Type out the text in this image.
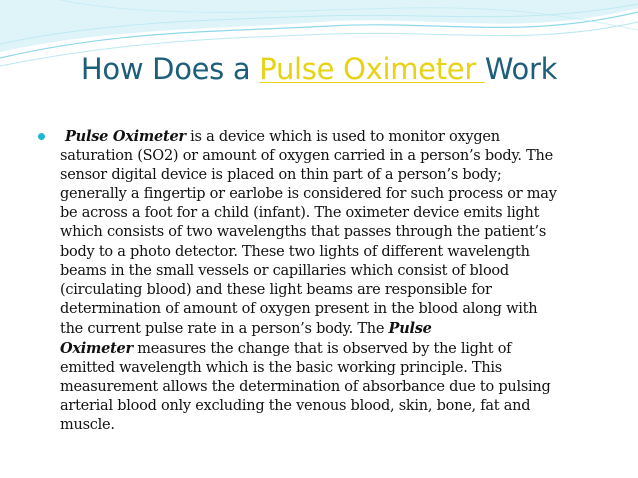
How Does a Pulse Oximeter Work
Pulse Oximeter is a device which is used to monitor oxygen
saturation (SO2) or amount of oxygen carried in a person’s body. The
sensor digital device is placed on thin part of a person’s body;
generally a fingertip or earlobe is considered for such process or may
be across a foot for a child (infant). The oximeter device emits light
which consists of two wavelengths that passes through the patient’s
body to a photo detector. These two lights of different wavelength
beams in the small vessels or capillaries which consist of blood
(circulating blood) and these light beams are responsible for
determination of amount of oxygen present in the blood along with
the current pulse rate in a person’s body. The Pulse
Oximeter measures the change that is observed by the light of
emitted wavelength which is the basic working principle. This
measurement allows the determination of absorbance due to pulsing
arterial blood only excluding the venous blood, skin, bone, fat and
muscle.
